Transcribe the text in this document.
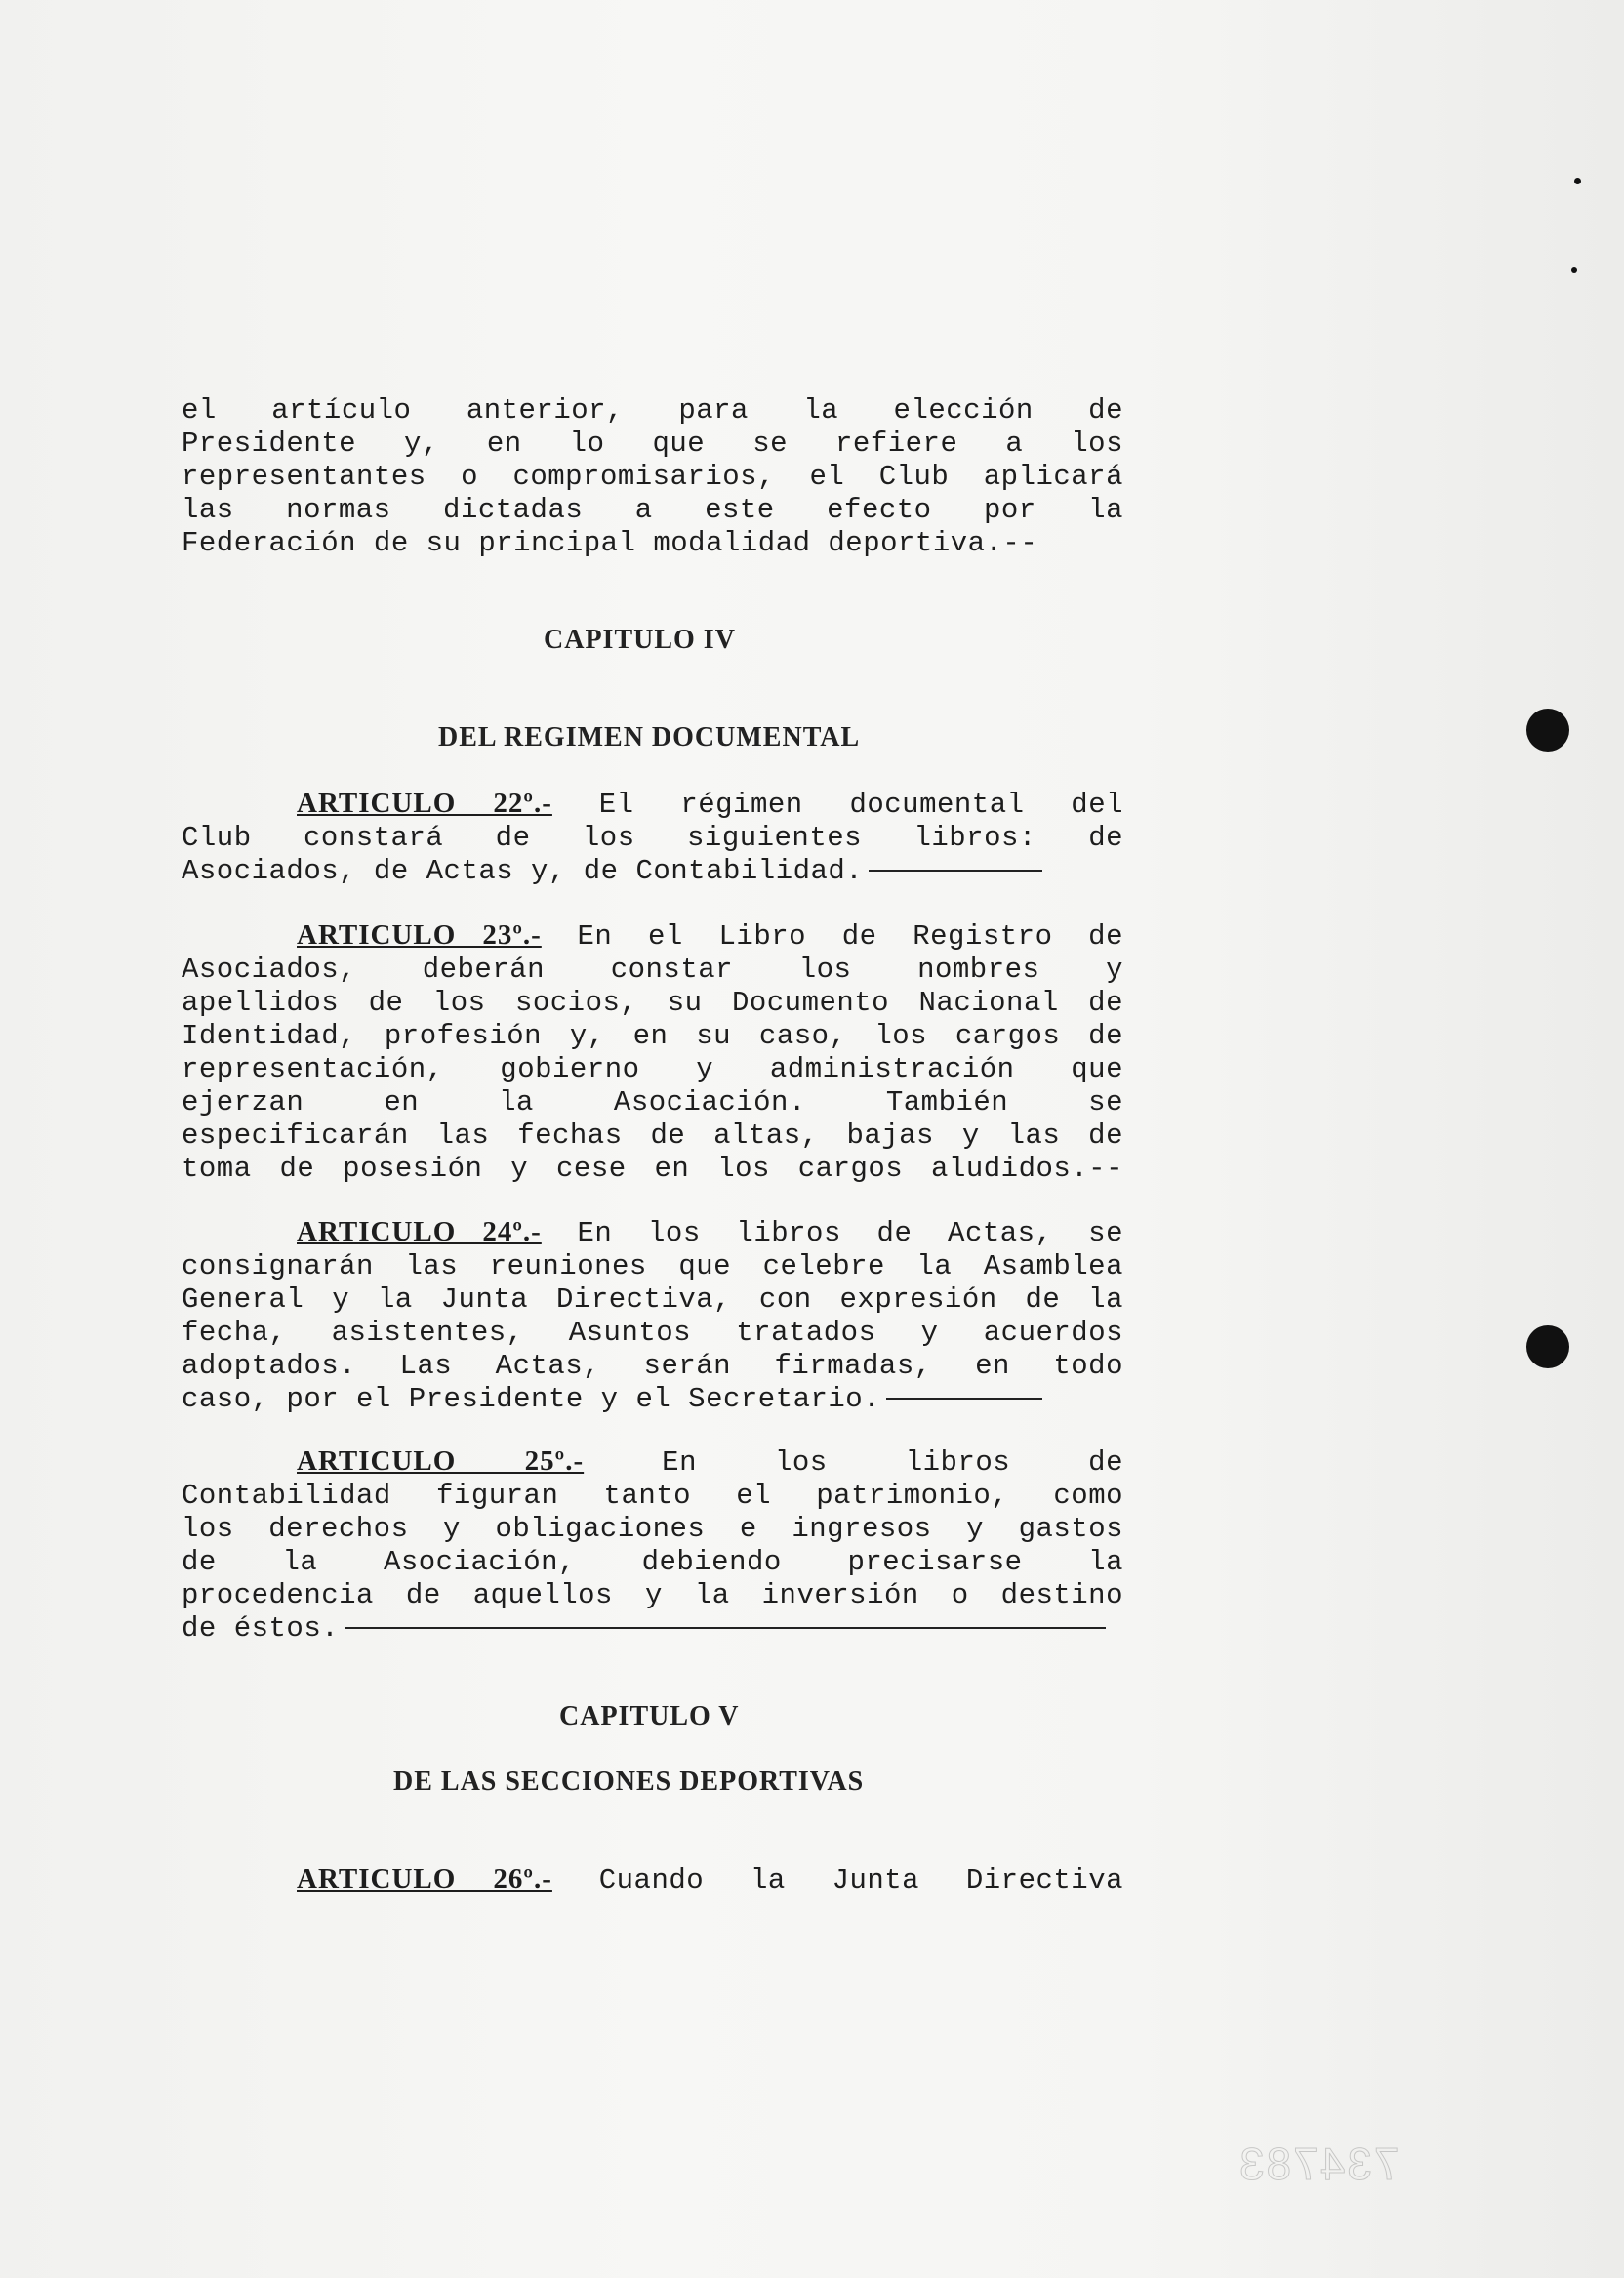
el artículo anterior, para la elección de
Presidente y, en lo que se refiere a los
representantes o compromisarios, el Club aplicará
las normas dictadas a este efecto por la
Federación de su principal modalidad deportiva.--

CAPITULO IV
DEL REGIMEN DOCUMENTAL

ARTICULO 22º.- El régimen documental del
Club constará de los siguientes libros: de
Asociados, de Actas y, de Contabilidad.

ARTICULO 23º.- En el Libro de Registro de
Asociados, deberán constar los nombres y
apellidos de los socios, su Documento Nacional de
Identidad, profesión y, en su caso, los cargos de
representación, gobierno y administración que
ejerzan en la Asociación. También se
especificarán las fechas de altas, bajas y las de
toma de posesión y cese en los cargos aludidos.--

ARTICULO 24º.- En los libros de Actas, se
consignarán las reuniones que celebre la Asamblea
General y la Junta Directiva, con expresión de la
fecha, asistentes, Asuntos tratados y acuerdos
adoptados. Las Actas, serán firmadas, en todo
caso, por el Presidente y el Secretario.

ARTICULO 25º.-	En los libros de
Contabilidad figuran tanto el patrimonio, como
los derechos y obligaciones e ingresos y gastos
de la Asociación, debiendo precisarse la
procedencia de aquellos y la inversión o destino
de éstos.

CAPITULO V
DE LAS SECCIONES DEPORTIVAS

ARTICULO 26º.- Cuando la Junta Directiva

734783
